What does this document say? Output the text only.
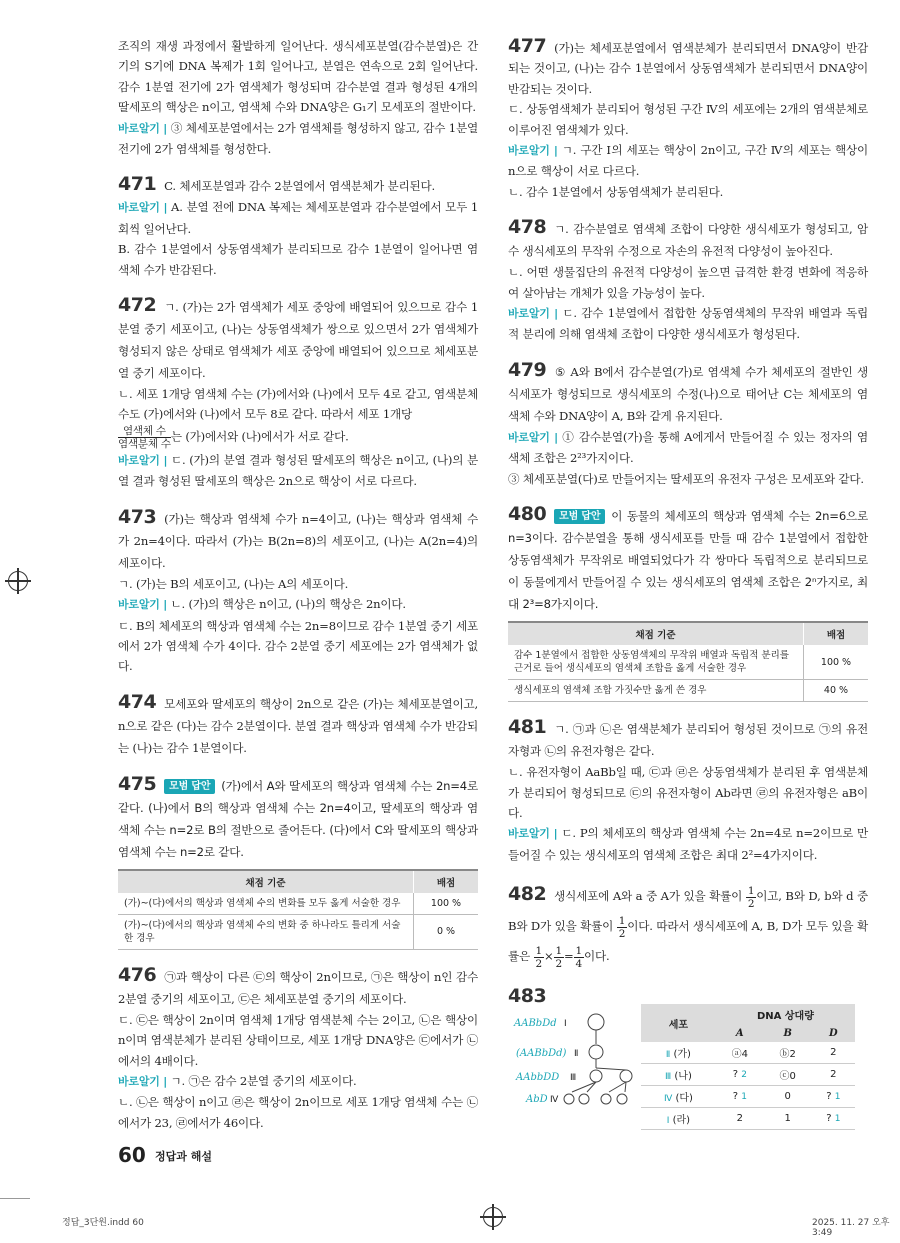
조직의 재생 과정에서 활발하게 일어난다. 생식세포분열(감수분열)은 간기의 S기에 DNA 복제가 1회 일어나고, 분열은 연속으로 2회 일어난다. 감수 1분열 전기에 2가 염색체가 형성되며 감수분열 결과 형성된 4개의 딸세포의 핵상은 n이고, 염색체 수와 DNA양은 G₁기 모세포의 절반이다.

바로알기 | ③ 체세포분열에서는 2가 염색체를 형성하지 않고, 감수 1분열 전기에 2가 염색체를 형성한다.

471 C. 체세포분열과 감수 2분열에서 염색분체가 분리된다.

바로알기 | A. 분열 전에 DNA 복제는 체세포분열과 감수분열에서 모두 1회씩 일어난다.

B. 감수 1분열에서 상동염색체가 분리되므로 감수 1분열이 일어나면 염색체 수가 반감된다.

472 ㄱ. (가)는 2가 염색체가 세포 중앙에 배열되어 있으므로 감수 1분열 중기 세포이고, (나)는 상동염색체가 쌍으로 있으면서 2가 염색체가 형성되지 않은 상태로 염색체가 세포 중앙에 배열되어 있으므로 체세포분열 중기 세포이다.

ㄴ. 세포 1개당 염색체 수는 (가)에서와 (나)에서 모두 4로 같고, 염색분체 수도 (가)에서와 (나)에서 모두 8로 같다. 따라서 세포 1개당

$\frac{\text{염색체 수}}{\text{염색분체 수}}$ 는 (가)에서와 (나)에서가 서로 같다.

바로알기 | ㄷ. (가)의 분열 결과 형성된 딸세포의 핵상은 n이고, (나)의 분열 결과 형성된 딸세포의 핵상은 2n으로 핵상이 서로 다르다.

473 (가)는 핵상과 염색체 수가 n=4이고, (나)는 핵상과 염색체 수가 2n=4이다. 따라서 (가)는 B(2n=8)의 세포이고, (나)는 A(2n=4)의 세포이다.

ㄱ. (가)는 B의 세포이고, (나)는 A의 세포이다.

바로알기 | ㄴ. (가)의 핵상은 n이고, (나)의 핵상은 2n이다.

ㄷ. B의 체세포의 핵상과 염색체 수는 2n=8이므로 감수 1분열 중기 세포에서 2가 염색체 수가 4이다. 감수 2분열 중기 세포에는 2가 염색체가 없다.

474 모세포와 딸세포의 핵상이 2n으로 같은 (가)는 체세포분열이고, n으로 같은 (다)는 감수 2분열이다. 분열 결과 핵상과 염색체 수가 반감되는 (나)는 감수 1분열이다.

475 모범 답안 (가)에서 A와 딸세포의 핵상과 염색체 수는 2n=4로 같다. (나)에서 B의 핵상과 염색체 수는 2n=4이고, 딸세포의 핵상과 염색체 수는 n=2로 B의 절반으로 줄어든다. (다)에서 C와 딸세포의 핵상과 염색체 수는 n=2로 같다.

채점 기준	배점
(가)~(다)에서의 핵상과 염색체 수의 변화를 모두 옳게 서술한 경우	100 %
(가)~(다)에서의 핵상과 염색체 수의 변화 중 하나라도 틀리게 서술한 경우	0 %

476 ㉠과 핵상이 다른 ㉢의 핵상이 2n이므로, ㉠은 핵상이 n인 감수 2분열 중기의 세포이고, ㉢은 체세포분열 중기의 세포이다.

ㄷ. ㉢은 핵상이 2n이며 염색체 1개당 염색분체 수는 2이고, ㉡은 핵상이 n이며 염색분체가 분리된 상태이므로, 세포 1개당 DNA양은 ㉢에서가 ㉡에서의 4배이다.

바로알기 | ㄱ. ㉠은 감수 2분열 중기의 세포이다.

ㄴ. ㉡은 핵상이 n이고 ㉣은 핵상이 2n이므로 세포 1개당 염색체 수는 ㉡에서가 23, ㉣에서가 46이다.

477 (가)는 체세포분열에서 염색분체가 분리되면서 DNA양이 반감되는 것이고, (나)는 감수 1분열에서 상동염색체가 분리되면서 DNA양이 반감되는 것이다.

ㄷ. 상동염색체가 분리되어 형성된 구간 Ⅳ의 세포에는 2개의 염색분체로 이루어진 염색체가 있다.

바로알기 | ㄱ. 구간 Ⅰ의 세포는 핵상이 2n이고, 구간 Ⅳ의 세포는 핵상이 n으로 핵상이 서로 다르다.

ㄴ. 감수 1분열에서 상동염색체가 분리된다.

478 ㄱ. 감수분열로 염색체 조합이 다양한 생식세포가 형성되고, 암수 생식세포의 무작위 수정으로 자손의 유전적 다양성이 높아진다.

ㄴ. 어떤 생물집단의 유전적 다양성이 높으면 급격한 환경 변화에 적응하여 살아남는 개체가 있을 가능성이 높다.

바로알기 | ㄷ. 감수 1분열에서 접합한 상동염색체의 무작위 배열과 독립적 분리에 의해 염색체 조합이 다양한 생식세포가 형성된다.

479 ⑤ A와 B에서 감수분열(가)로 염색체 수가 체세포의 절반인 생식세포가 형성되므로 생식세포의 수정(나)으로 태어난 C는 체세포의 염색체 수와 DNA양이 A, B와 같게 유지된다.

바로알기 | ① 감수분열(가)을 통해 A에게서 만들어질 수 있는 정자의 염색체 조합은 2²³가지이다.

③ 체세포분열(다)로 만들어지는 딸세포의 유전자 구성은 모세포와 같다.

480 모범 답안 이 동물의 체세포의 핵상과 염색체 수는 2n=6으로 n=3이다. 감수분열을 통해 생식세포를 만들 때 감수 1분열에서 접합한 상동염색체가 무작위로 배열되었다가 각 쌍마다 독립적으로 분리되므로 이 동물에게서 만들어질 수 있는 생식세포의 염색체 조합은 2ⁿ가지로, 최대 2³=8가지이다.

채점 기준	배점
감수 1분열에서 접합한 상동염색체의 무작위 배열과 독립적 분리를 근거로 들어 생식세포의 염색체 조합을 옳게 서술한 경우	100 %
생식세포의 염색체 조합 가짓수만 옳게 쓴 경우	40 %

481 ㄱ. ㉠과 ㉡은 염색분체가 분리되어 형성된 것이므로 ㉠의 유전자형과 ㉡의 유전자형은 같다.

ㄴ. 유전자형이 AaBb일 때, ㉢과 ㉣은 상동염색체가 분리된 후 염색분체가 분리되어 형성되므로 ㉢의 유전자형이 Ab라면 ㉣의 유전자형은 aB이다.

바로알기 | ㄷ. P의 체세포의 핵상과 염색체 수는 2n=4로 n=2이므로 만들어질 수 있는 생식세포의 염색체 조합은 최대 2²=4가지이다.

482 생식세포에 A와 a 중 A가 있을 확률이 $\frac{1}{2}$ 이고, B와 D, b와 d 중 B와 D가 있을 확률이 $\frac{1}{2}$ 이다. 따라서 생식세포에 A, B, D가 모두 있을 확률은 $\frac{1}{2} \times \frac{1}{2} = \frac{1}{4}$ 이다.

483

AABbDd
(AABbDd)
AAbbDD
AbD
Ⅰ
Ⅱ
Ⅲ
Ⅳ
세포	DNA 상대량		
	A	B	D
Ⅱ (가)	ⓐ4	ⓑ2	2
Ⅲ (나)	? 2	ⓒ0	2
Ⅳ (다)	? 1	0	? 1
Ⅰ (라)	2	1	? 1
60 정답과 해설
정답_3단원.indd 60	2025. 11. 27 오후 3:49
